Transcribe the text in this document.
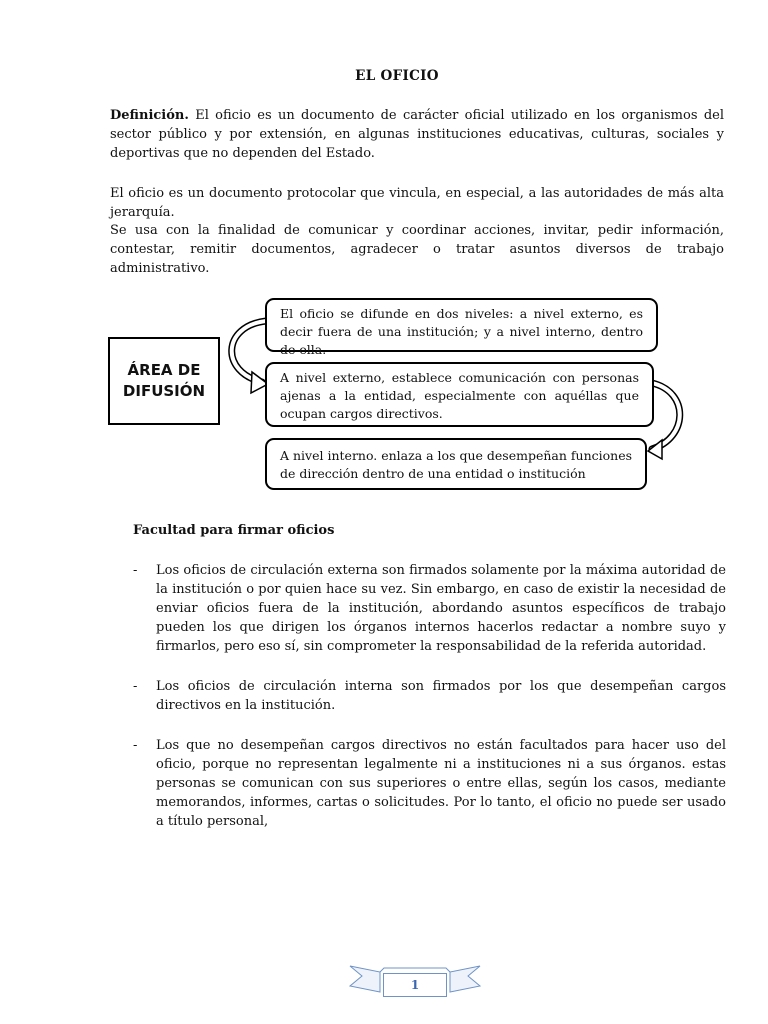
EL OFICIO

Definición. El oficio es un documento de carácter oficial utilizado en los organismos del sector público y por extensión, en algunas instituciones educativas, culturas, sociales y deportivas que no dependen del Estado.

El oficio es un documento protocolar que vincula, en especial, a las autoridades de más alta jerarquía.

Se usa con la finalidad de comunicar y coordinar acciones, invitar, pedir información, contestar, remitir documentos, agradecer o tratar asuntos diversos de trabajo administrativo.

ÁREA DE
DIFUSIÓN
El oficio se difunde en dos niveles: a nivel externo, es decir fuera de una institución; y a nivel interno, dentro de ella.
A nivel externo, establece comunicación con personas ajenas a la entidad, especialmente con aquéllas que ocupan cargos directivos.
A nivel interno. enlaza a los que desempeñan funciones de dirección dentro de una entidad o institución
Facultad para firmar oficios
- Los oficios de circulación externa son firmados solamente por la máxima autoridad de la institución o por quien hace su vez. Sin embargo, en caso de existir la necesidad de enviar oficios fuera de la institución, abordando asuntos específicos de trabajo pueden los que dirigen los órganos internos hacerlos redactar a nombre suyo y firmarlos, pero eso sí, sin comprometer la responsabilidad de la referida autoridad.
- Los oficios de circulación interna son firmados por los que desempeñan cargos directivos en la institución.
- Los que no desempeñan cargos directivos no están facultados para hacer uso del oficio, porque no representan legalmente ni a instituciones ni a sus órganos. estas personas se comunican con sus superiores o entre ellas, según los casos, mediante memorandos, informes, cartas o solicitudes. Por lo tanto, el oficio no puede ser usado a título personal,
1
